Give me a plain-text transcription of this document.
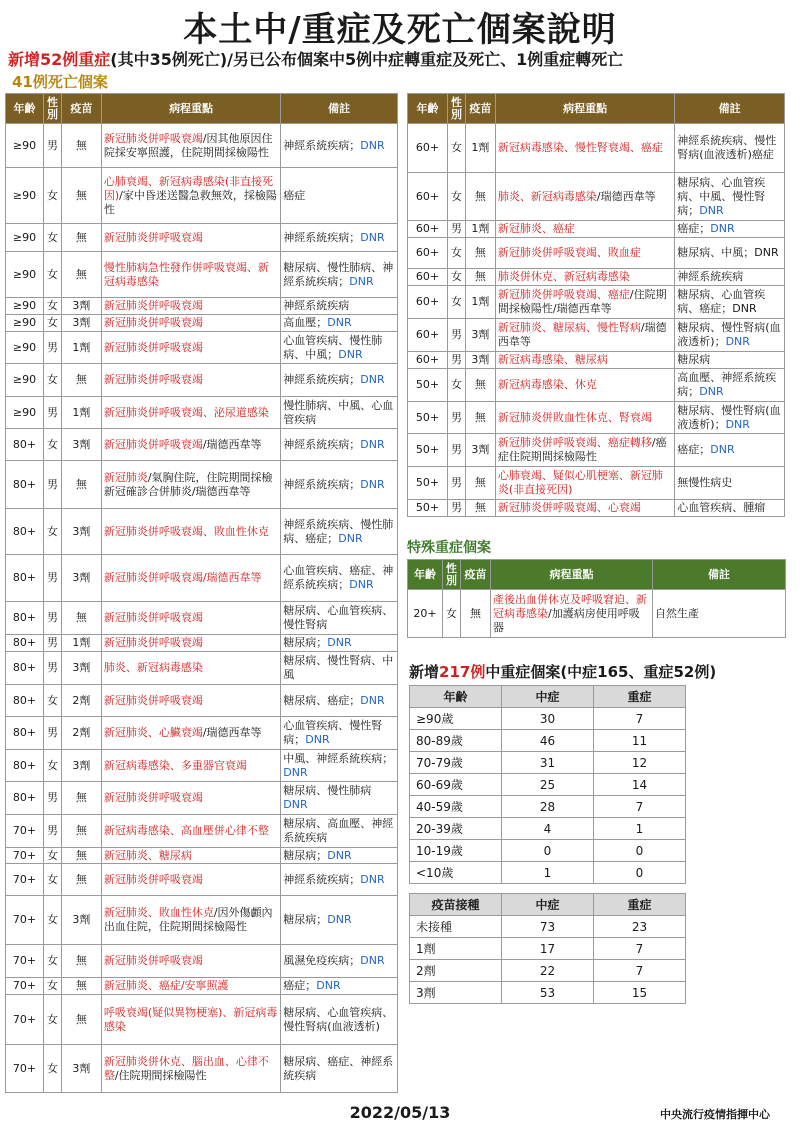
本土中/重症及死亡個案說明
新增52例重症(其中35例死亡)/另已公布個案中5例中症轉重症及死亡、1例重症轉死亡
41例死亡個案
年齡	性別	疫苗	病程重點	備註
≥90	男	無	新冠肺炎併呼吸衰竭/因其他原因住院採安寧照護，住院期間採檢陽性	神經系統疾病；DNR
≥90	女	無	心肺衰竭、新冠病毒感染(非直接死因)/家中昏迷送醫急救無效，採檢陽性	癌症
≥90	女	無	新冠肺炎併呼吸衰竭	神經系統疾病；DNR
≥90	女	無	慢性肺病急性發作併呼吸衰竭、新冠病毒感染	糖尿病、慢性肺病、神經系統疾病；DNR
≥90	女	3劑	新冠肺炎併呼吸衰竭	神經系統疾病
≥90	女	3劑	新冠肺炎併呼吸衰竭	高血壓；DNR
≥90	男	1劑	新冠肺炎併呼吸衰竭	心血管疾病、慢性肺病、中風；DNR
≥90	女	無	新冠肺炎併呼吸衰竭	神經系統疾病；DNR
≥90	男	1劑	新冠肺炎併呼吸衰竭、泌尿道感染	慢性肺病、中風、心血管疾病
80+	女	3劑	新冠肺炎併呼吸衰竭/瑞德西韋等	神經系統疾病；DNR
80+	男	無	新冠肺炎/氣胸住院，住院期間採檢新冠確診合併肺炎/瑞德西韋等	神經系統疾病；DNR
80+	女	3劑	新冠肺炎併呼吸衰竭、敗血性休克	神經系統疾病、慢性肺病、癌症；DNR
80+	男	3劑	新冠肺炎併呼吸衰竭/瑞德西韋等	心血管疾病、癌症、神經系統疾病；DNR
80+	男	無	新冠肺炎併呼吸衰竭	糖尿病、心血管疾病、慢性腎病
80+	男	1劑	新冠肺炎併呼吸衰竭	糖尿病；DNR
80+	男	3劑	肺炎、新冠病毒感染	糖尿病、慢性腎病、中風
80+	女	2劑	新冠肺炎併呼吸衰竭	糖尿病、癌症；DNR
80+	男	2劑	新冠肺炎、心臟衰竭/瑞德西韋等	心血管疾病、慢性腎病；DNR
80+	女	3劑	新冠病毒感染、多重器官衰竭	中風、神經系統疾病；DNR
80+	男	無	新冠肺炎併呼吸衰竭	糖尿病、慢性肺病DNR
70+	男	無	新冠病毒感染、高血壓併心律不整	糖尿病、高血壓、神經系統疾病
70+	女	無	新冠肺炎、糖尿病	糖尿病；DNR
70+	女	無	新冠肺炎併呼吸衰竭	神經系統疾病；DNR
70+	女	3劑	新冠肺炎、敗血性休克/因外傷顱內出血住院，住院期間採檢陽性	糖尿病；DNR
70+	女	無	新冠肺炎併呼吸衰竭	風濕免疫疾病；DNR
70+	女	無	新冠肺炎、癌症/安寧照護	癌症；DNR
70+	女	無	呼吸衰竭(疑似異物梗塞)、新冠病毒感染	糖尿病、心血管疾病、慢性腎病(血液透析)
70+	女	3劑	新冠肺炎併休克、腦出血、心律不整/住院期間採檢陽性	糖尿病、癌症、神經系統疾病
年齡	性別	疫苗	病程重點	備註
60+	女	1劑	新冠病毒感染、慢性腎衰竭、癌症	神經系統疾病、慢性腎病(血液透析)癌症
60+	女	無	肺炎、新冠病毒感染/瑞德西韋等	糖尿病、心血管疾病、中風、慢性腎病；DNR
60+	男	1劑	新冠肺炎、癌症	癌症；DNR
60+	女	無	新冠肺炎併呼吸衰竭、敗血症	糖尿病、中風；DNR
60+	女	無	肺炎併休克、新冠病毒感染	神經系統疾病
60+	女	1劑	新冠肺炎併呼吸衰竭、癌症/住院期間採檢陽性/瑞德西韋等	糖尿病、心血管疾病、癌症；DNR
60+	男	3劑	新冠肺炎、糖尿病、慢性腎病/瑞德西韋等	糖尿病、慢性腎病(血液透析)；DNR
60+	男	3劑	新冠病毒感染、糖尿病	糖尿病
50+	女	無	新冠病毒感染、休克	高血壓、神經系統疾病；DNR
50+	男	無	新冠肺炎併敗血性休克、腎衰竭	糖尿病、慢性腎病(血液透析)；DNR
50+	男	3劑	新冠肺炎併呼吸衰竭、癌症轉移/癌症住院期間採檢陽性	癌症；DNR
50+	男	無	心肺衰竭、疑似心肌梗塞、新冠肺炎(非直接死因)	無慢性病史
50+	男	無	新冠肺炎併呼吸衰竭、心衰竭	心血管疾病、腫瘤
特殊重症個案
年齡	性別	疫苗	病程重點	備註
20+	女	無	產後出血併休克及呼吸窘迫、新冠病毒感染/加護病房使用呼吸器	自然生產
新增217例中重症個案(中症165、重症52例)
年齡	中症	重症
≥90歲	30	7
80-89歲	46	11
70-79歲	31	12
60-69歲	25	14
40-59歲	28	7
20-39歲	4	1
10-19歲	0	0
<10歲	1	0
疫苗接種	中症	重症
未接種	73	23
1劑	17	7
2劑	22	7
3劑	53	15
2022/05/13	中央流行疫情指揮中心
